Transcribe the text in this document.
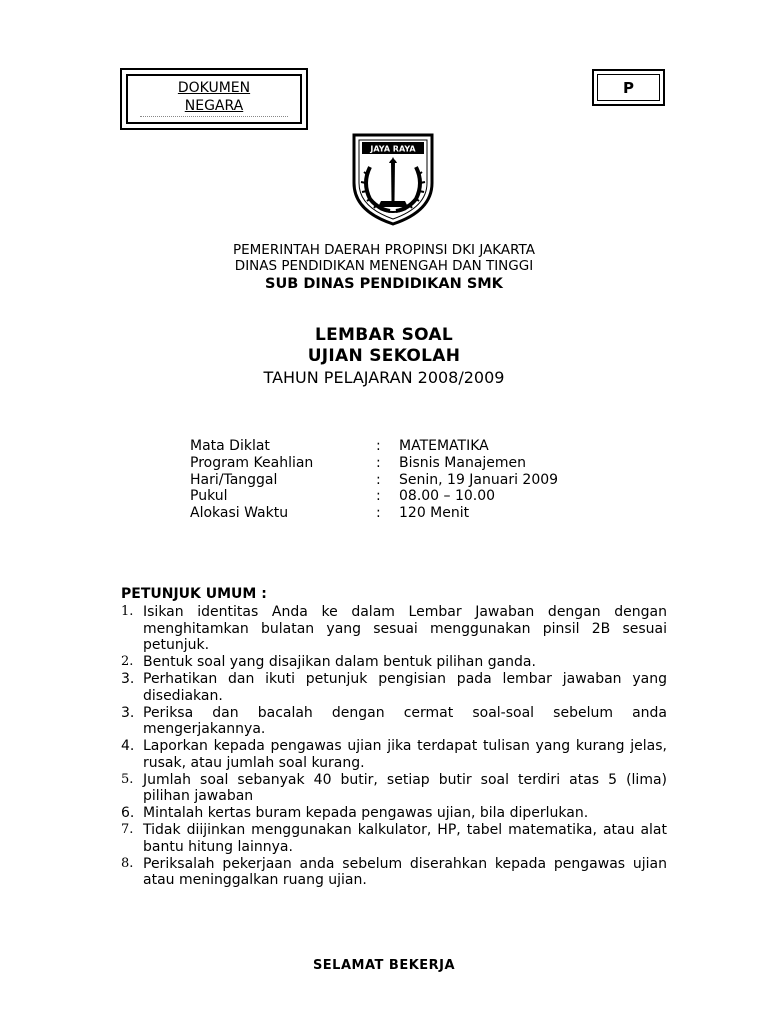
DOKUMEN
NEGARA
P
JAYA RAYA
PEMERINTAH DAERAH PROPINSI DKI JAKARTA
DINAS PENDIDIKAN MENENGAH DAN TINGGI
SUB DINAS PENDIDIKAN SMK
LEMBAR SOAL
UJIAN SEKOLAH
TAHUN PELAJARAN 2008/2009
Mata Diklat	: MATEMATIKA
Program Keahlian	: Bisnis Manajemen
Hari/Tanggal	: Senin, 19 Januari 2009
Pukul	: 08.00 – 10.00
Alokasi Waktu	: 120 Menit
PETUNJUK UMUM :
1. Isikan identitas Anda ke dalam Lembar Jawaban dengan dengan menghitamkan bulatan yang sesuai menggunakan pinsil 2B sesuai petunjuk.
2. Bentuk soal yang disajikan dalam bentuk pilihan ganda.
3. Perhatikan dan ikuti petunjuk pengisian pada lembar jawaban yang disediakan.
3. Periksa dan bacalah dengan cermat soal-soal sebelum anda mengerjakannya.
4. Laporkan kepada pengawas ujian jika terdapat tulisan yang kurang jelas, rusak, atau jumlah soal kurang.
5. Jumlah soal sebanyak 40 butir, setiap butir soal terdiri atas 5 (lima) pilihan jawaban
6. Mintalah kertas buram kepada pengawas ujian, bila diperlukan.
7. Tidak diijinkan menggunakan kalkulator, HP, tabel matematika, atau alat bantu hitung lainnya.
8. Periksalah pekerjaan anda sebelum diserahkan kepada pengawas ujian atau meninggalkan ruang ujian.
SELAMAT BEKERJA
